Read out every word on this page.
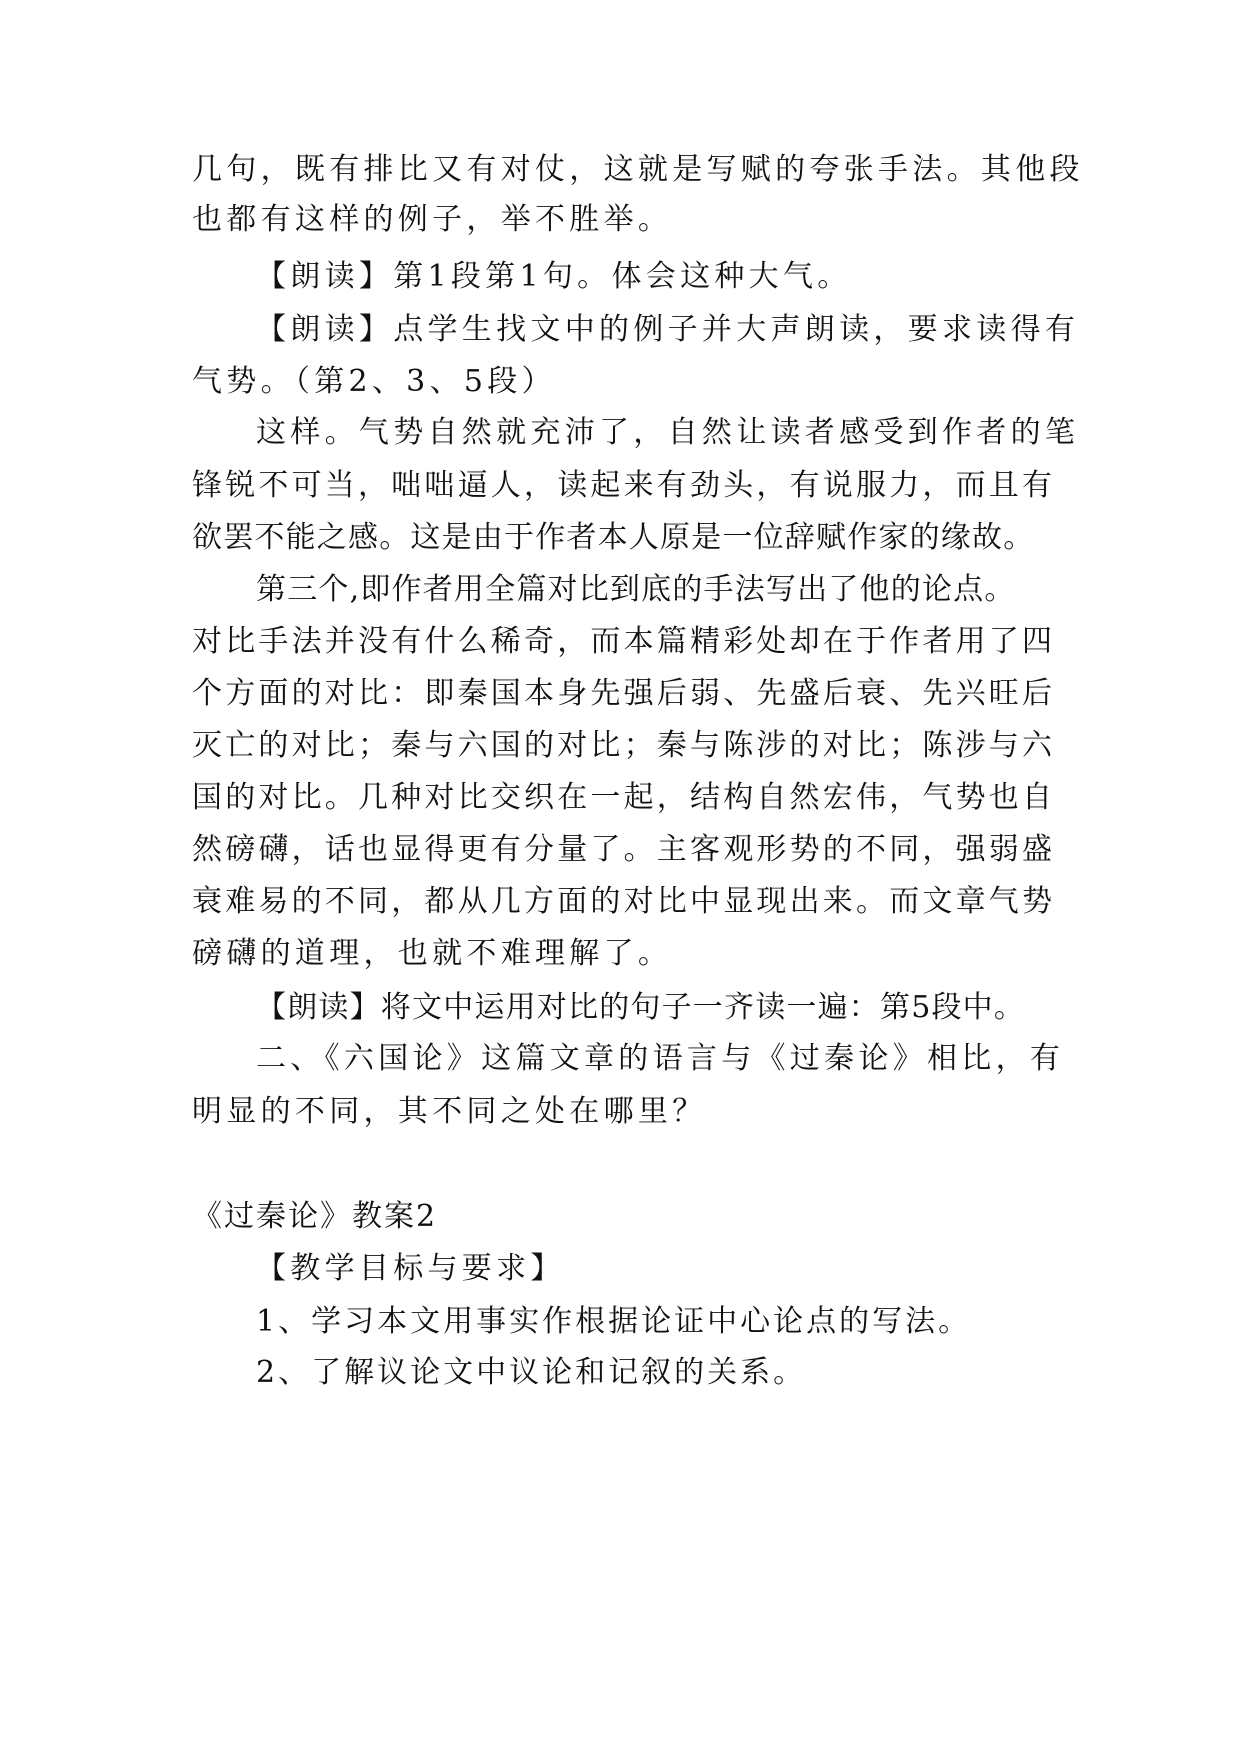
几句，既有排比又有对仗，这就是写赋的夸张手法。其他段
也都有这样的例子，举不胜举。
【朗读】第1段第1句。体会这种大气。
【朗读】点学生找文中的例子并大声朗读，要求读得有
气势。（第2、3、5段）
这样。气势自然就充沛了，自然让读者感受到作者的笔
锋锐不可当，咄咄逼人，读起来有劲头，有说服力，而且有
欲罢不能之感。这是由于作者本人原是一位辞赋作家的缘故。
第三个,即作者用全篇对比到底的手法写出了他的论点。
对比手法并没有什么稀奇，而本篇精彩处却在于作者用了四
个方面的对比：即秦国本身先强后弱、先盛后衰、先兴旺后
灭亡的对比；秦与六国的对比；秦与陈涉的对比；陈涉与六
国的对比。几种对比交织在一起，结构自然宏伟，气势也自
然磅礴，话也显得更有分量了。主客观形势的不同，强弱盛
衰难易的不同，都从几方面的对比中显现出来。而文章气势
磅礴的道理，也就不难理解了。
【朗读】将文中运用对比的句子一齐读一遍：第5段中。
二、《六国论》这篇文章的语言与《过秦论》相比，有
明显的不同，其不同之处在哪里？
《过秦论》教案2
【教学目标与要求】
1、学习本文用事实作根据论证中心论点的写法。
2、了解议论文中议论和记叙的关系。
